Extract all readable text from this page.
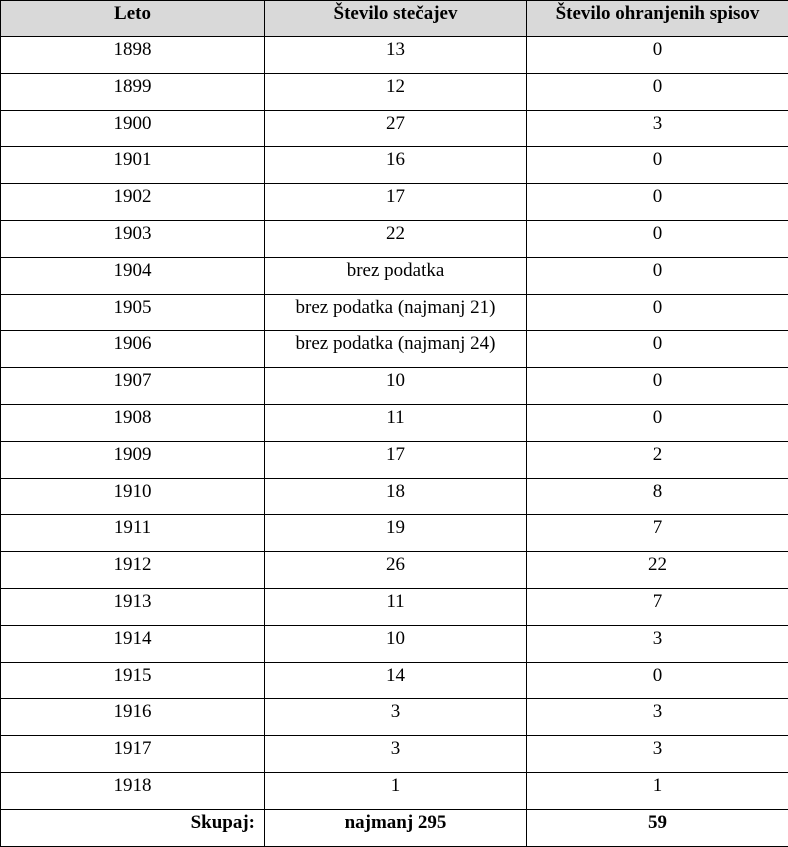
Leto	Število stečajev	Število ohranjenih spisov
1898	13	0
1899	12	0
1900	27	3
1901	16	0
1902	17	0
1903	22	0
1904	brez podatka	0
1905	brez podatka (najmanj 21)	0
1906	brez podatka (najmanj 24)	0
1907	10	0
1908	11	0
1909	17	2
1910	18	8
1911	19	7
1912	26	22
1913	11	7
1914	10	3
1915	14	0
1916	3	3
1917	3	3
1918	1	1
Skupaj:	najmanj 295	59
